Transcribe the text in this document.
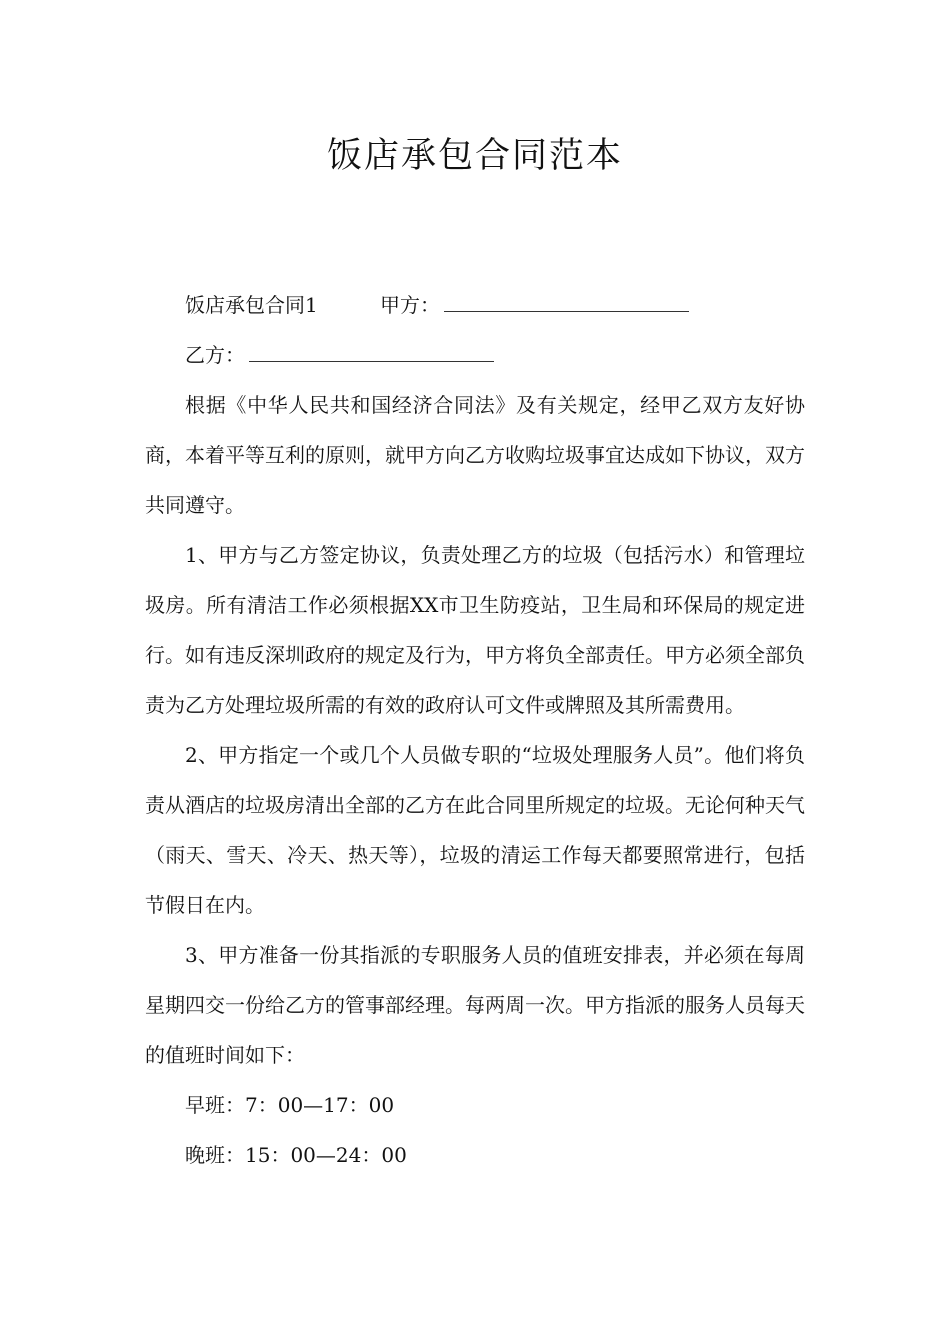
饭店承包合同范本
饭店承包合同1	甲方：
乙方：

根据《中华人民共和国经济合同法》及有关规定，经甲乙双方友好协商，本着平等互利的原则，就甲方向乙方收购垃圾事宜达成如下协议，双方共同遵守。

1、甲方与乙方签定协议，负责处理乙方的垃圾（包括污水）和管理垃圾房。所有清洁工作必须根据XX市卫生防疫站，卫生局和环保局的规定进行。如有违反深圳政府的规定及行为，甲方将负全部责任。甲方必须全部负责为乙方处理垃圾所需的有效的政府认可文件或牌照及其所需费用。

2、甲方指定一个或几个人员做专职的“垃圾处理服务人员”。他们将负责从酒店的垃圾房清出全部的乙方在此合同里所规定的垃圾。无论何种天气（雨天、雪天、冷天、热天等），垃圾的清运工作每天都要照常进行，包括节假日在内。

3、甲方准备一份其指派的专职服务人员的值班安排表，并必须在每周星期四交一份给乙方的管事部经理。每两周一次。甲方指派的服务人员每天的值班时间如下：

早班：7：00—17：00
晚班：15：00—24：00
